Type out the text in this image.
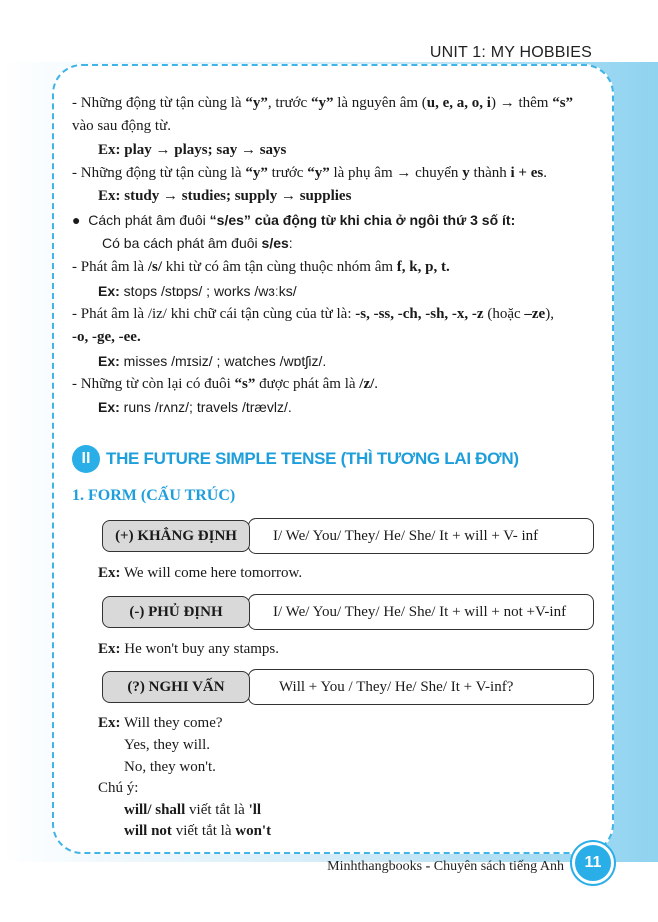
UNIT 1: MY HOBBIES
- Những động từ tận cùng là “y”, trước “y” là nguyên âm (u, e, a, o, i) → thêm “s”
vào sau động từ.
Ex: play → plays; say → says
- Những động từ tận cùng là “y” trước “y” là phụ âm → chuyển y thành i + es.
Ex: study → studies; supply → supplies
● Cách phát âm đuôi “s/es” của động từ khi chia ở ngôi thứ 3 số ít:
Có ba cách phát âm đuôi s/es:
- Phát âm là /s/ khi từ có âm tận cùng thuộc nhóm âm f, k, p, t.
Ex: stops /stɒps/ ; works /wɜːks/
- Phát âm là /iz/ khi chữ cái tận cùng của từ là: -s, -ss, -ch, -sh, -x, -z (hoặc –ze),
-o, -ge, -ee.
Ex: misses /mɪsiz/ ; watches /wɒtʃiz/.
- Những từ còn lại có đuôi “s” được phát âm là /z/.
Ex: runs /rʌnz/; travels /trævlz/.
II THE FUTURE SIMPLE TENSE (THÌ TƯƠNG LAI ĐƠN)
1. FORM (CẤU TRÚC)
I/ We/ You/ They/ He/ She/ It + will + V- inf
(+) KHẲNG ĐỊNH
Ex: We will come here tomorrow.
I/ We/ You/ They/ He/ She/ It + will + not +V-inf
(-) PHỦ ĐỊNH
Ex: He won't buy any stamps.
Will + You / They/ He/ She/ It + V-inf?
(?) NGHI VẤN
Ex: Will they come?
Yes, they will.
No, they won't.
Chú ý:
will/ shall viết tắt là 'll
will not viết tắt là won't
Minhthangbooks - Chuyên sách tiếng Anh	11
